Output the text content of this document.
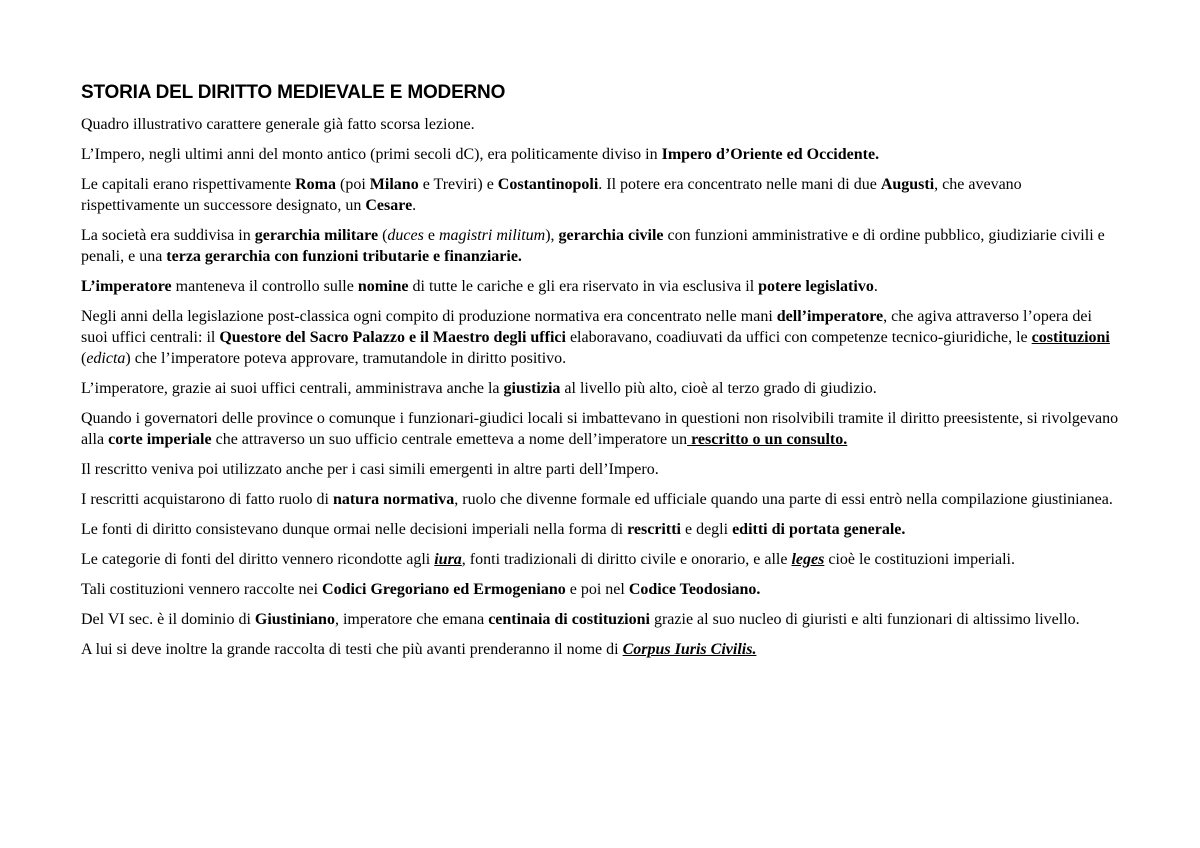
STORIA DEL DIRITTO MEDIEVALE E MODERNO

Quadro illustrativo carattere generale già fatto scorsa lezione.

L’Impero, negli ultimi anni del monto antico (primi secoli dC), era politicamente diviso in Impero d’Oriente ed Occidente.

Le capitali erano rispettivamente Roma (poi Milano e Treviri) e Costantinopoli. Il potere era concentrato nelle mani di due Augusti, che avevano rispettivamente un successore designato, un Cesare.

La società era suddivisa in gerarchia militare (duces e magistri militum), gerarchia civile con funzioni amministrative e di ordine pubblico, giudiziarie civili e penali, e una terza gerarchia con funzioni tributarie e finanziarie.

L’imperatore manteneva il controllo sulle nomine di tutte le cariche e gli era riservato in via esclusiva il potere legislativo.

Negli anni della legislazione post-classica ogni compito di produzione normativa era concentrato nelle mani dell’imperatore, che agiva attraverso l’opera dei suoi uffici centrali: il Questore del Sacro Palazzo e il Maestro degli uffici elaboravano, coadiuvati da uffici con competenze tecnico-giuridiche, le costituzioni (edicta) che l’imperatore poteva approvare, tramutandole in diritto positivo.

L’imperatore, grazie ai suoi uffici centrali, amministrava anche la giustizia al livello più alto, cioè al terzo grado di giudizio.

Quando i governatori delle province o comunque i funzionari-giudici locali si imbattevano in questioni non risolvibili tramite il diritto preesistente, si rivolgevano alla corte imperiale che attraverso un suo ufficio centrale emetteva a nome dell’imperatore un rescritto o un consulto.

Il rescritto veniva poi utilizzato anche per i casi simili emergenti in altre parti dell’Impero.

I rescritti acquistarono di fatto ruolo di natura normativa, ruolo che divenne formale ed ufficiale quando una parte di essi entrò nella compilazione giustinianea.

Le fonti di diritto consistevano dunque ormai nelle decisioni imperiali nella forma di rescritti e degli editti di portata generale.

Le categorie di fonti del diritto vennero ricondotte agli iura, fonti tradizionali di diritto civile e onorario, e alle leges cioè le costituzioni imperiali.

Tali costituzioni vennero raccolte nei Codici Gregoriano ed Ermogeniano e poi nel Codice Teodosiano.

Del VI sec. è il dominio di Giustiniano, imperatore che emana centinaia di costituzioni grazie al suo nucleo di giuristi e alti funzionari di altissimo livello.

A lui si deve inoltre la grande raccolta di testi che più avanti prenderanno il nome di Corpus Iuris Civilis.
